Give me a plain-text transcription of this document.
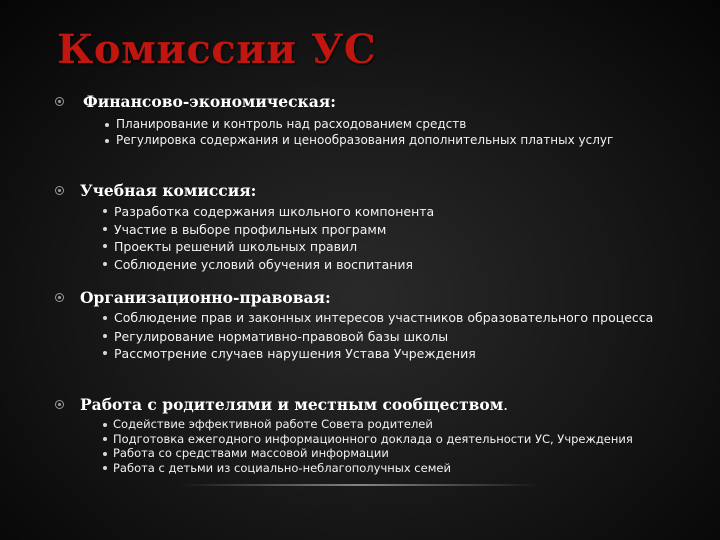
Комиссии УС
Финансово-экономическая:
Планирование и контроль над расходованием средств
Регулировка содержания и ценообразования дополнительных платных услуг
Учебная комиссия:
Разработка содержания школьного компонента
Участие в выборе профильных программ
Проекты решений школьных правил
Соблюдение условий обучения и воспитания
Организационно-правовая:
Соблюдение прав и законных интересов участников образовательного процесса
Регулирование нормативно-правовой базы школы
Рассмотрение случаев нарушения Устава Учреждения
Работа с родителями и местным сообществом.
Содействие эффективной работе Совета родителей
Подготовка ежегодного информационного доклада о деятельности УС, Учреждения
Работа со средствами массовой информации
Работа с детьми из социально-неблагополучных семей
